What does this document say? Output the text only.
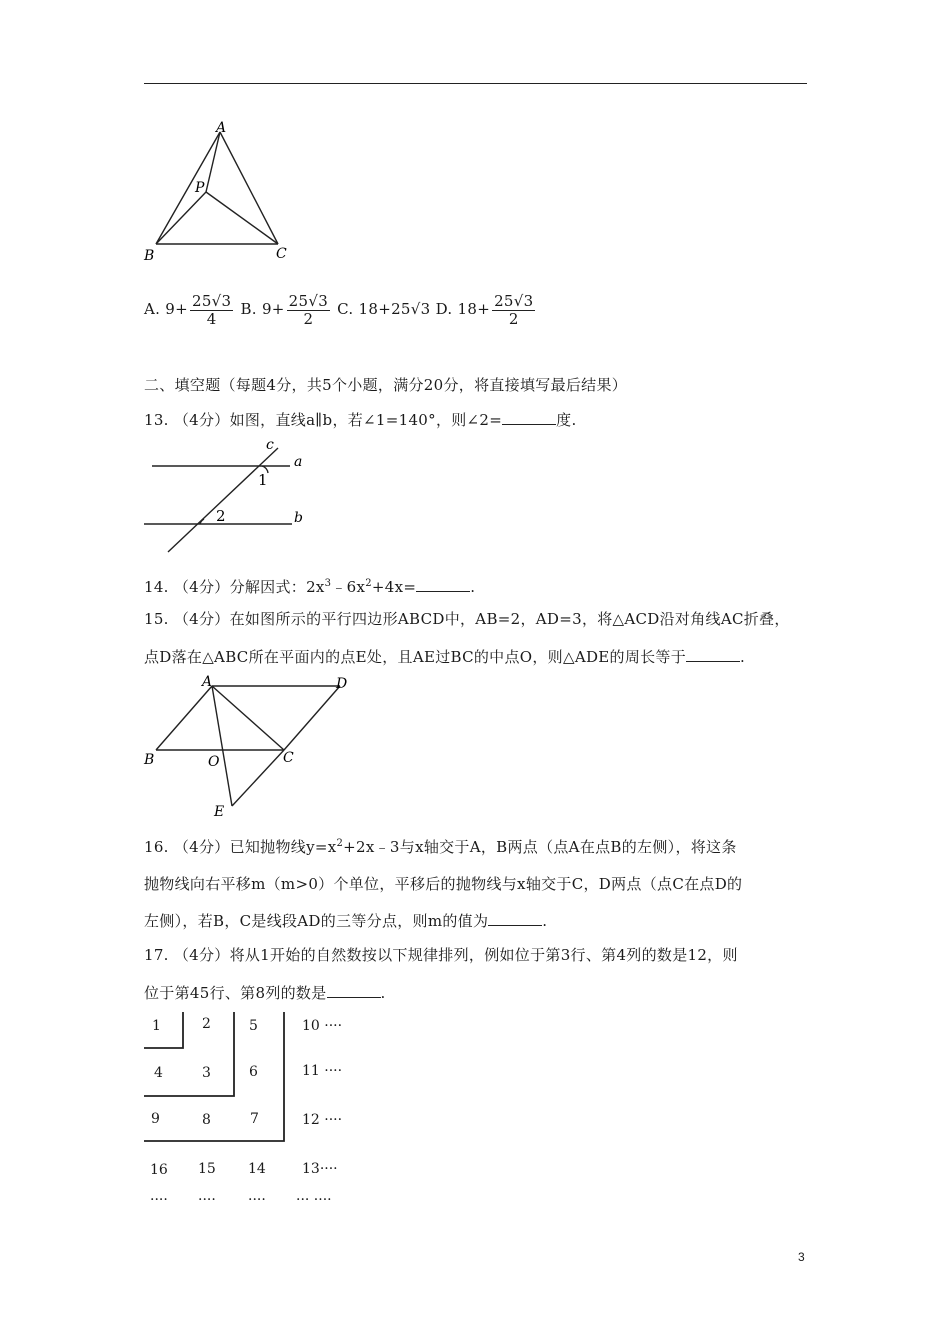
A
P
B	C
A. $9+ \frac{25√3}{4} B$. $9+ \frac{25√3}{2} C$. 18+25√3 D. $18+ \frac{25√3}{2}$
二、填空题（每题4分，共5个小题，满分20分，将直接填写最后结果）
13. （4分）如图，直线a∥b，若∠1=140°，则∠2=	度.
c
a
b
1
2
14. （4分）分解因式：$2x^3﹣6x^2+4x=$	.
15. （4分）在如图所示的平行四边形ABCD中，AB=2，AD=3，将△ACD沿对角线AC折叠，
点D落在△ABC所在平面内的点E处，且AE过BC的中点O，则△ADE的周长等于	.
A	D
B	O	C
E
16. （4分）已知抛物线$y=x^2+2x﹣3$与x轴交于A，B两点（点A在点B的左侧），将这条
抛物线向右平移m（m>0）个单位，平移后的抛物线与x轴交于C，D两点（点C在点D的
左侧），若B，C是线段AD的三等分点，则m的值为	.
17. （4分）将从1开始的自然数按以下规律排列，例如位于第3行、第4列的数是12，则
位于第45行、第8列的数是	.
1	2	5	10 ····
4	3	6	11 ····
9	8	7	12 ····
16 15 14	13····
···· ···· ···· ··· ····
3
